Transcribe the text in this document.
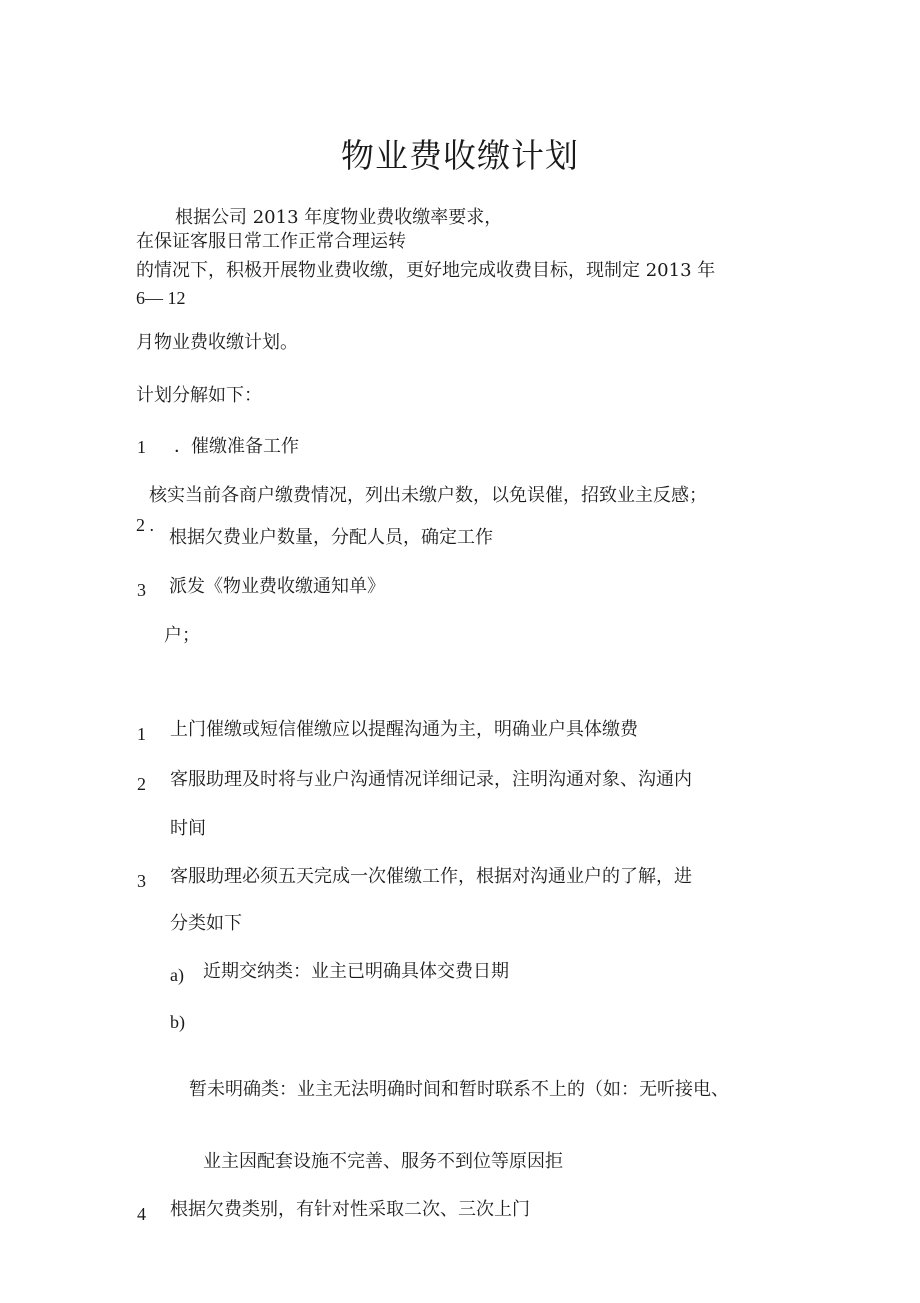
物业费收缴计划
根据公司 2013 年度物业费收缴率要求，
在保证客服日常工作正常合理运转
的情况下，积极开展物业费收缴，更好地完成收费目标，现制定 2013 年
6— 12
月物业费收缴计划。
计划分解如下：
1 ． 催缴准备工作
核实当前各商户缴费情况，列出未缴户数，以免误催，招致业主反感；
2 .
根据欠费业户数量，分配人员，确定工作
3 派发《物业费收缴通知单》
户；
1 上门催缴或短信催缴应以提醒沟通为主，明确业户具体缴费
2 客服助理及时将与业户沟通情况详细记录，注明沟通对象、沟通内
时间
3 客服助理必须五天完成一次催缴工作，根据对沟通业户的了解，进
分类如下
a) 近期交纳类：业主已明确具体交费日期
b)
暂未明确类：业主无法明确时间和暂时联系不上的（如：无听接电、
业主因配套设施不完善、服务不到位等原因拒
4 根据欠费类别，有针对性采取二次、三次上门
